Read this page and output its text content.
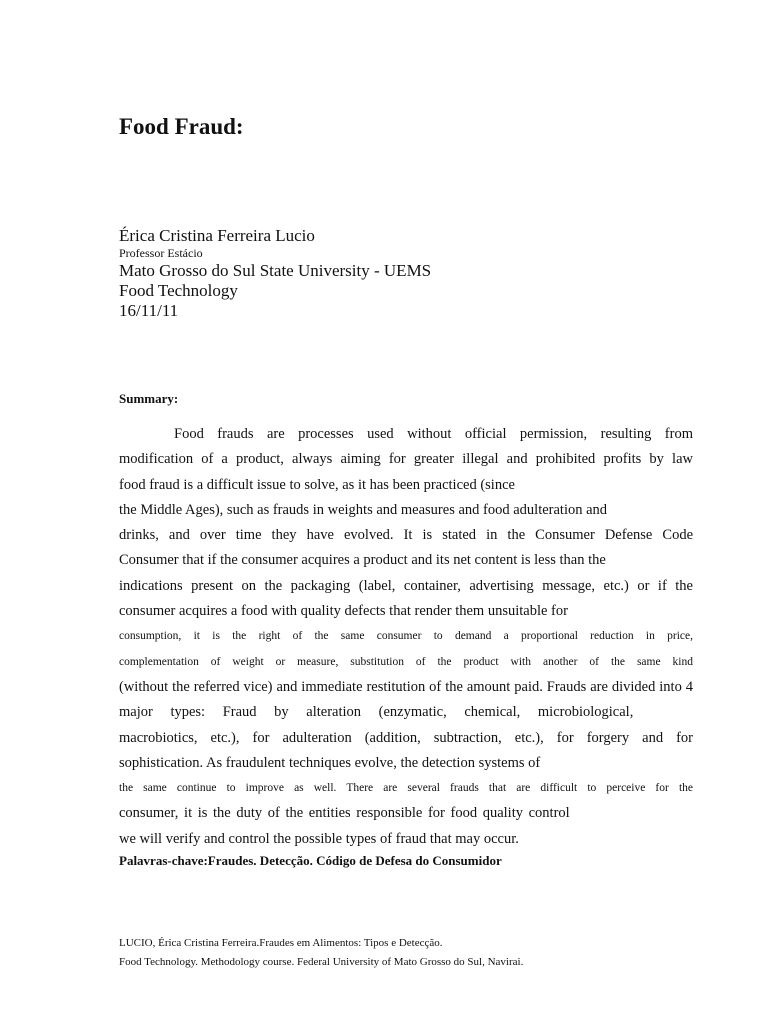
Food Fraud:
Érica Cristina Ferreira Lucio
Professor Estácio
Mato Grosso do Sul State University - UEMS
Food Technology
16/11/11
Summary:
Food frauds are processes used without official permission, resulting from
modification of a product, always aiming for greater illegal and prohibited profits by law
food fraud is a difficult issue to solve, as it has been practiced (since
the Middle Ages), such as frauds in weights and measures and food adulteration and
drinks, and over time they have evolved. It is stated in the Consumer Defense Code
Consumer that if the consumer acquires a product and its net content is less than the
indications present on the packaging (label, container, advertising message, etc.) or if the
consumer acquires a food with quality defects that render them unsuitable for
consumption, it is the right of the same consumer to demand a proportional reduction in price,
complementation of weight or measure, substitution of the product with another of the same kind
(without the referred vice) and immediate restitution of the amount paid. Frauds are divided into 4
major types: Fraud by alteration (enzymatic, chemical, microbiological,
macrobiotics, etc.), for adulteration (addition, subtraction, etc.), for forgery and for
sophistication. As fraudulent techniques evolve, the detection systems of
the same continue to improve as well. There are several frauds that are difficult to perceive for the
consumer, it is the duty of the entities responsible for food quality control
we will verify and control the possible types of fraud that may occur.

Palavras-chave:Fraudes. Detecção. Código de Defesa do Consumidor

LUCIO, Érica Cristina Ferreira.Fraudes em Alimentos: Tipos e Detecção.
Food Technology. Methodology course. Federal University of Mato Grosso do Sul, Navirai.
